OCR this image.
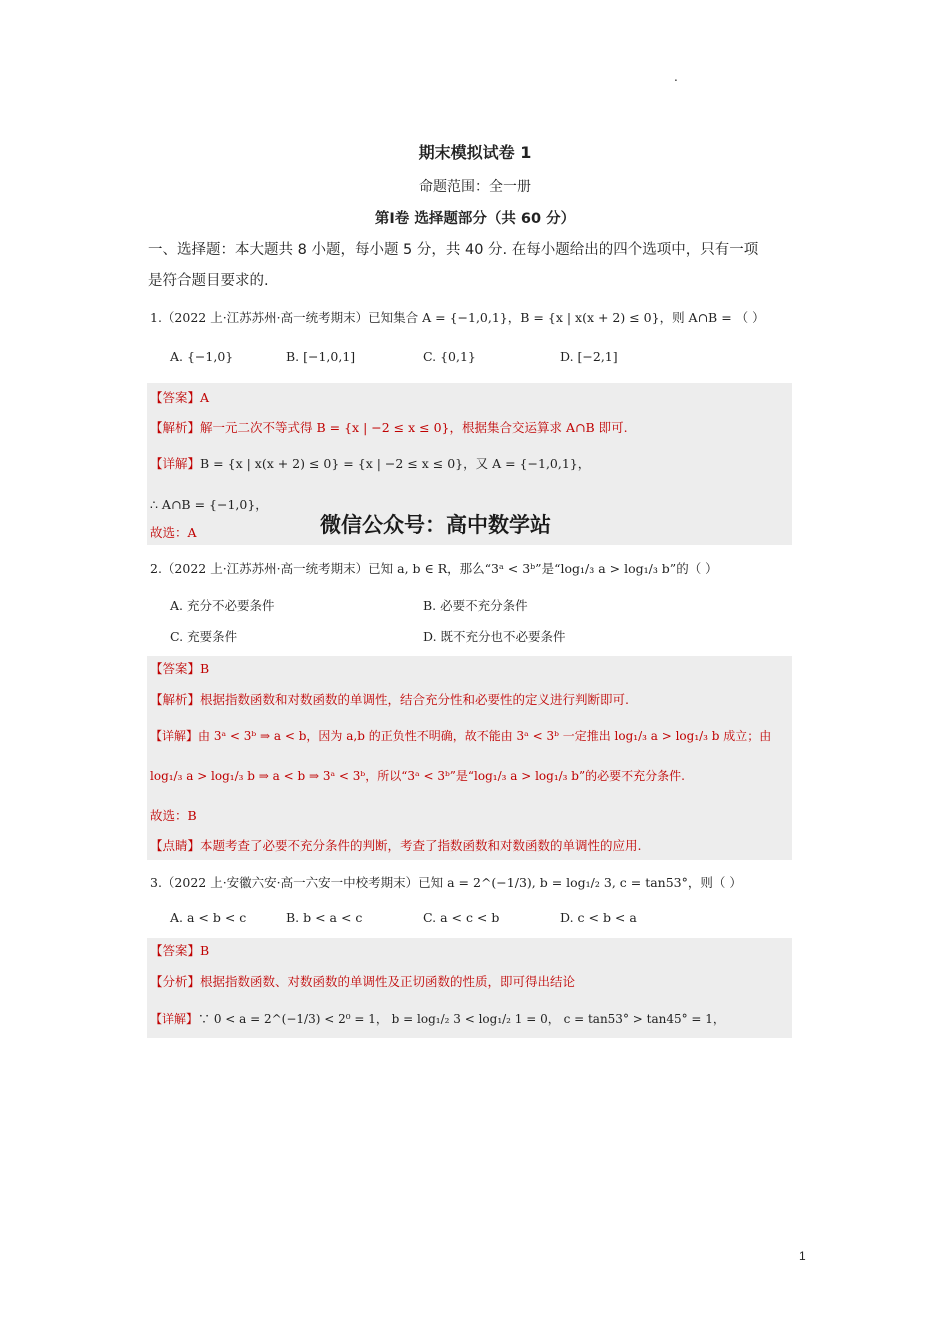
.
期末模拟试卷 1
命题范围：全一册
第Ⅰ卷 选择题部分（共 60 分）
一、选择题：本大题共 8 小题，每小题 5 分，共 40 分. 在每小题给出的四个选项中，只有一项
是符合题目要求的.
1.（2022 上·江苏苏州·高一统考期末）已知集合 A = {−1,0,1}，B = {x | x(x + 2) ≤ 0}，则 A∩B = （ ）
A. {−1,0}	B. [−1,0,1]	C. {0,1}	D. [−2,1]
【答案】A
【解析】解一元二次不等式得 B = {x | −2 ≤ x ≤ 0}，根据集合交运算求 A∩B 即可.
【详解】B = {x | x(x + 2) ≤ 0} = {x | −2 ≤ x ≤ 0}，又 A = {−1,0,1}，
∴ A∩B = {−1,0}，
故选：A	微信公众号：高中数学站
2.（2022 上·江苏苏州·高一统考期末）已知 a, b ∈ R，那么“3ᵃ < 3ᵇ”是“log₁/₃ a > log₁/₃ b”的（ ）
A. 充分不必要条件	B. 必要不充分条件
C. 充要条件	D. 既不充分也不必要条件
【答案】B
【解析】根据指数函数和对数函数的单调性，结合充分性和必要性的定义进行判断即可.
【详解】由 3ᵃ < 3ᵇ ⇒ a < b，因为 a,b 的正负性不明确，故不能由 3ᵃ < 3ᵇ 一定推出 log₁/₃ a > log₁/₃ b 成立；由
log₁/₃ a > log₁/₃ b ⇒ a < b ⇒ 3ᵃ < 3ᵇ，所以“3ᵃ < 3ᵇ”是“log₁/₃ a > log₁/₃ b”的必要不充分条件.
故选：B
【点睛】本题考查了必要不充分条件的判断，考查了指数函数和对数函数的单调性的应用.
3.（2022 上·安徽六安·高一六安一中校考期末）已知 a = 2^(−1/3), b = log₁/₂ 3, c = tan53°，则（ ）
A. a < b < c	B. b < a < c	C. a < c < b	D. c < b < a
【答案】B
【分析】根据指数函数、对数函数的单调性及正切函数的性质，即可得出结论
【详解】∵ 0 < a = 2^(−1/3) < 2⁰ = 1， b = log₁/₂ 3 < log₁/₂ 1 = 0， c = tan53° > tan45° = 1，
1
